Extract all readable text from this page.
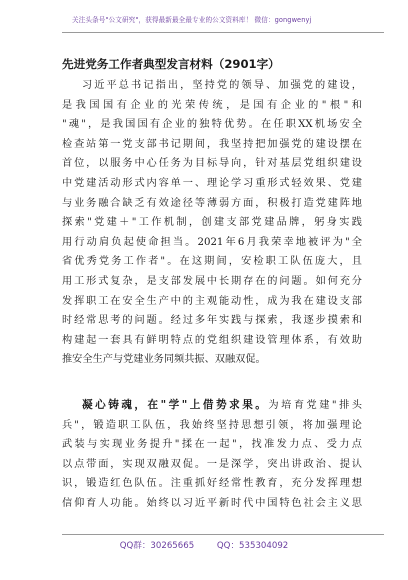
关注头条号"公文研究"，获得最新最全最专业的公文资料库！ 微信：gongwenyj
先进党务工作者典型发言材料（2901字）
习近平总书记指出，坚持党的领导、加强党的建设，
是我国国有企业的光荣传统，是国有企业的"根"和
"魂"，是我国国有企业的独特优势。在任职XX机场安全
检查站第一党支部书记期间，我坚持把加强党的建设摆在
首位，以服务中心任务为目标导向，针对基层党组织建设
中党建活动形式内容单一、理论学习重形式轻效果、党建
与业务融合缺乏有效途径等薄弱方面，积极打造党建阵地
探索"党建＋"工作机制，创建支部党建品牌，躬身实践
用行动肩负起使命担当。2021年6月我荣幸地被评为"全
省优秀党务工作者"。在这期间，安检职工队伍庞大，且
用工形式复杂，是支部发展中长期存在的问题。如何充分
发挥职工在安全生产中的主观能动性，成为我在建设支部
时经常思考的问题。经过多年实践与探索，我逐步摸索和
构建起一套具有鲜明特点的党组织建设管理体系，有效助
推安全生产与党建业务同频共振、双融双促。
凝心铸魂，在"学"上借势求果。为培育党建"排头
兵"，锻造职工队伍，我始终坚持思想引领，将加强理论
武装与实现业务提升"揉在一起"，找准发力点、受力点
以点带面，实现双融双促。一是深学，突出讲政治、提认
识，锻造红色队伍。注重抓好经常性教育，充分发挥理想
信仰育人功能。始终以习近平新时代中国特色社会主义思
QQ群：30265665	QQ：535304092
